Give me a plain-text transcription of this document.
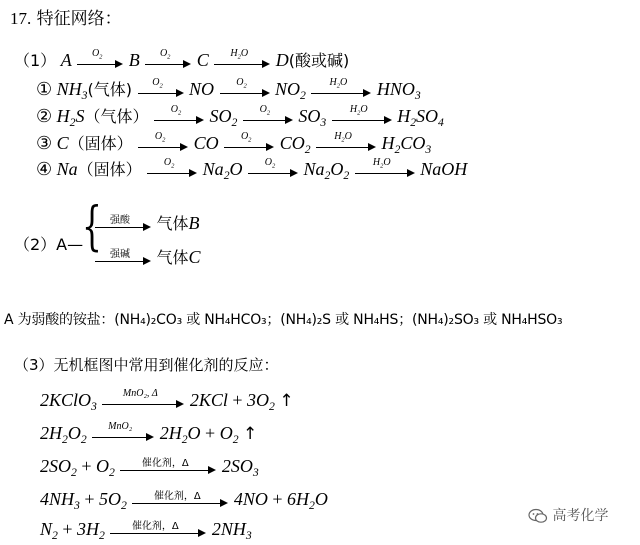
17. 特征网络：
（1） A	$O_2$	B	$O_2$	C	$H_2O$	D(酸或碱)
① $NH_3$(气体)	$O_2$	NO	$O_2$	$NO_2$
$H_2O$	$HNO_3$
② $H_2S$（气体）	$O_2$	$SO_2$
$O_2$	$SO_3$
$H_2O$	$H_2SO_4$
③ C（固体）	$O_2$	CO	$O_2$	$CO_2$
$H_2O$	$H_2CO_3$
④ Na（固体）	$O_2$	$Na_2O$	$O_2$	$Na_2O_2$
$H_2O$	NaOH
（2）A—
{ 强酸	气体B
强碱	气体C
A 为弱酸的铵盐：(NH₄)₂CO₃ 或 NH₄HCO₃；(NH₄)₂S 或 NH₄HS；(NH₄)₂SO₃ 或 NH₄HSO₃
（3）无机框图中常用到催化剂的反应：
2KClO$_3$
MnO₂, Δ	$2KCl + 3O_2$ ↑
$2H_2O_2$
MnO₂	$2H_2O + O_2$ ↑
$2SO_2 + O_2$
催化剂，Δ	$2SO_3$
$4NH_3 + 5O_2$
催化剂，Δ	$4NO + 6H_2O$
$N_2 + 3H_2$
催化剂，Δ	$2NH_3$
高考化学
